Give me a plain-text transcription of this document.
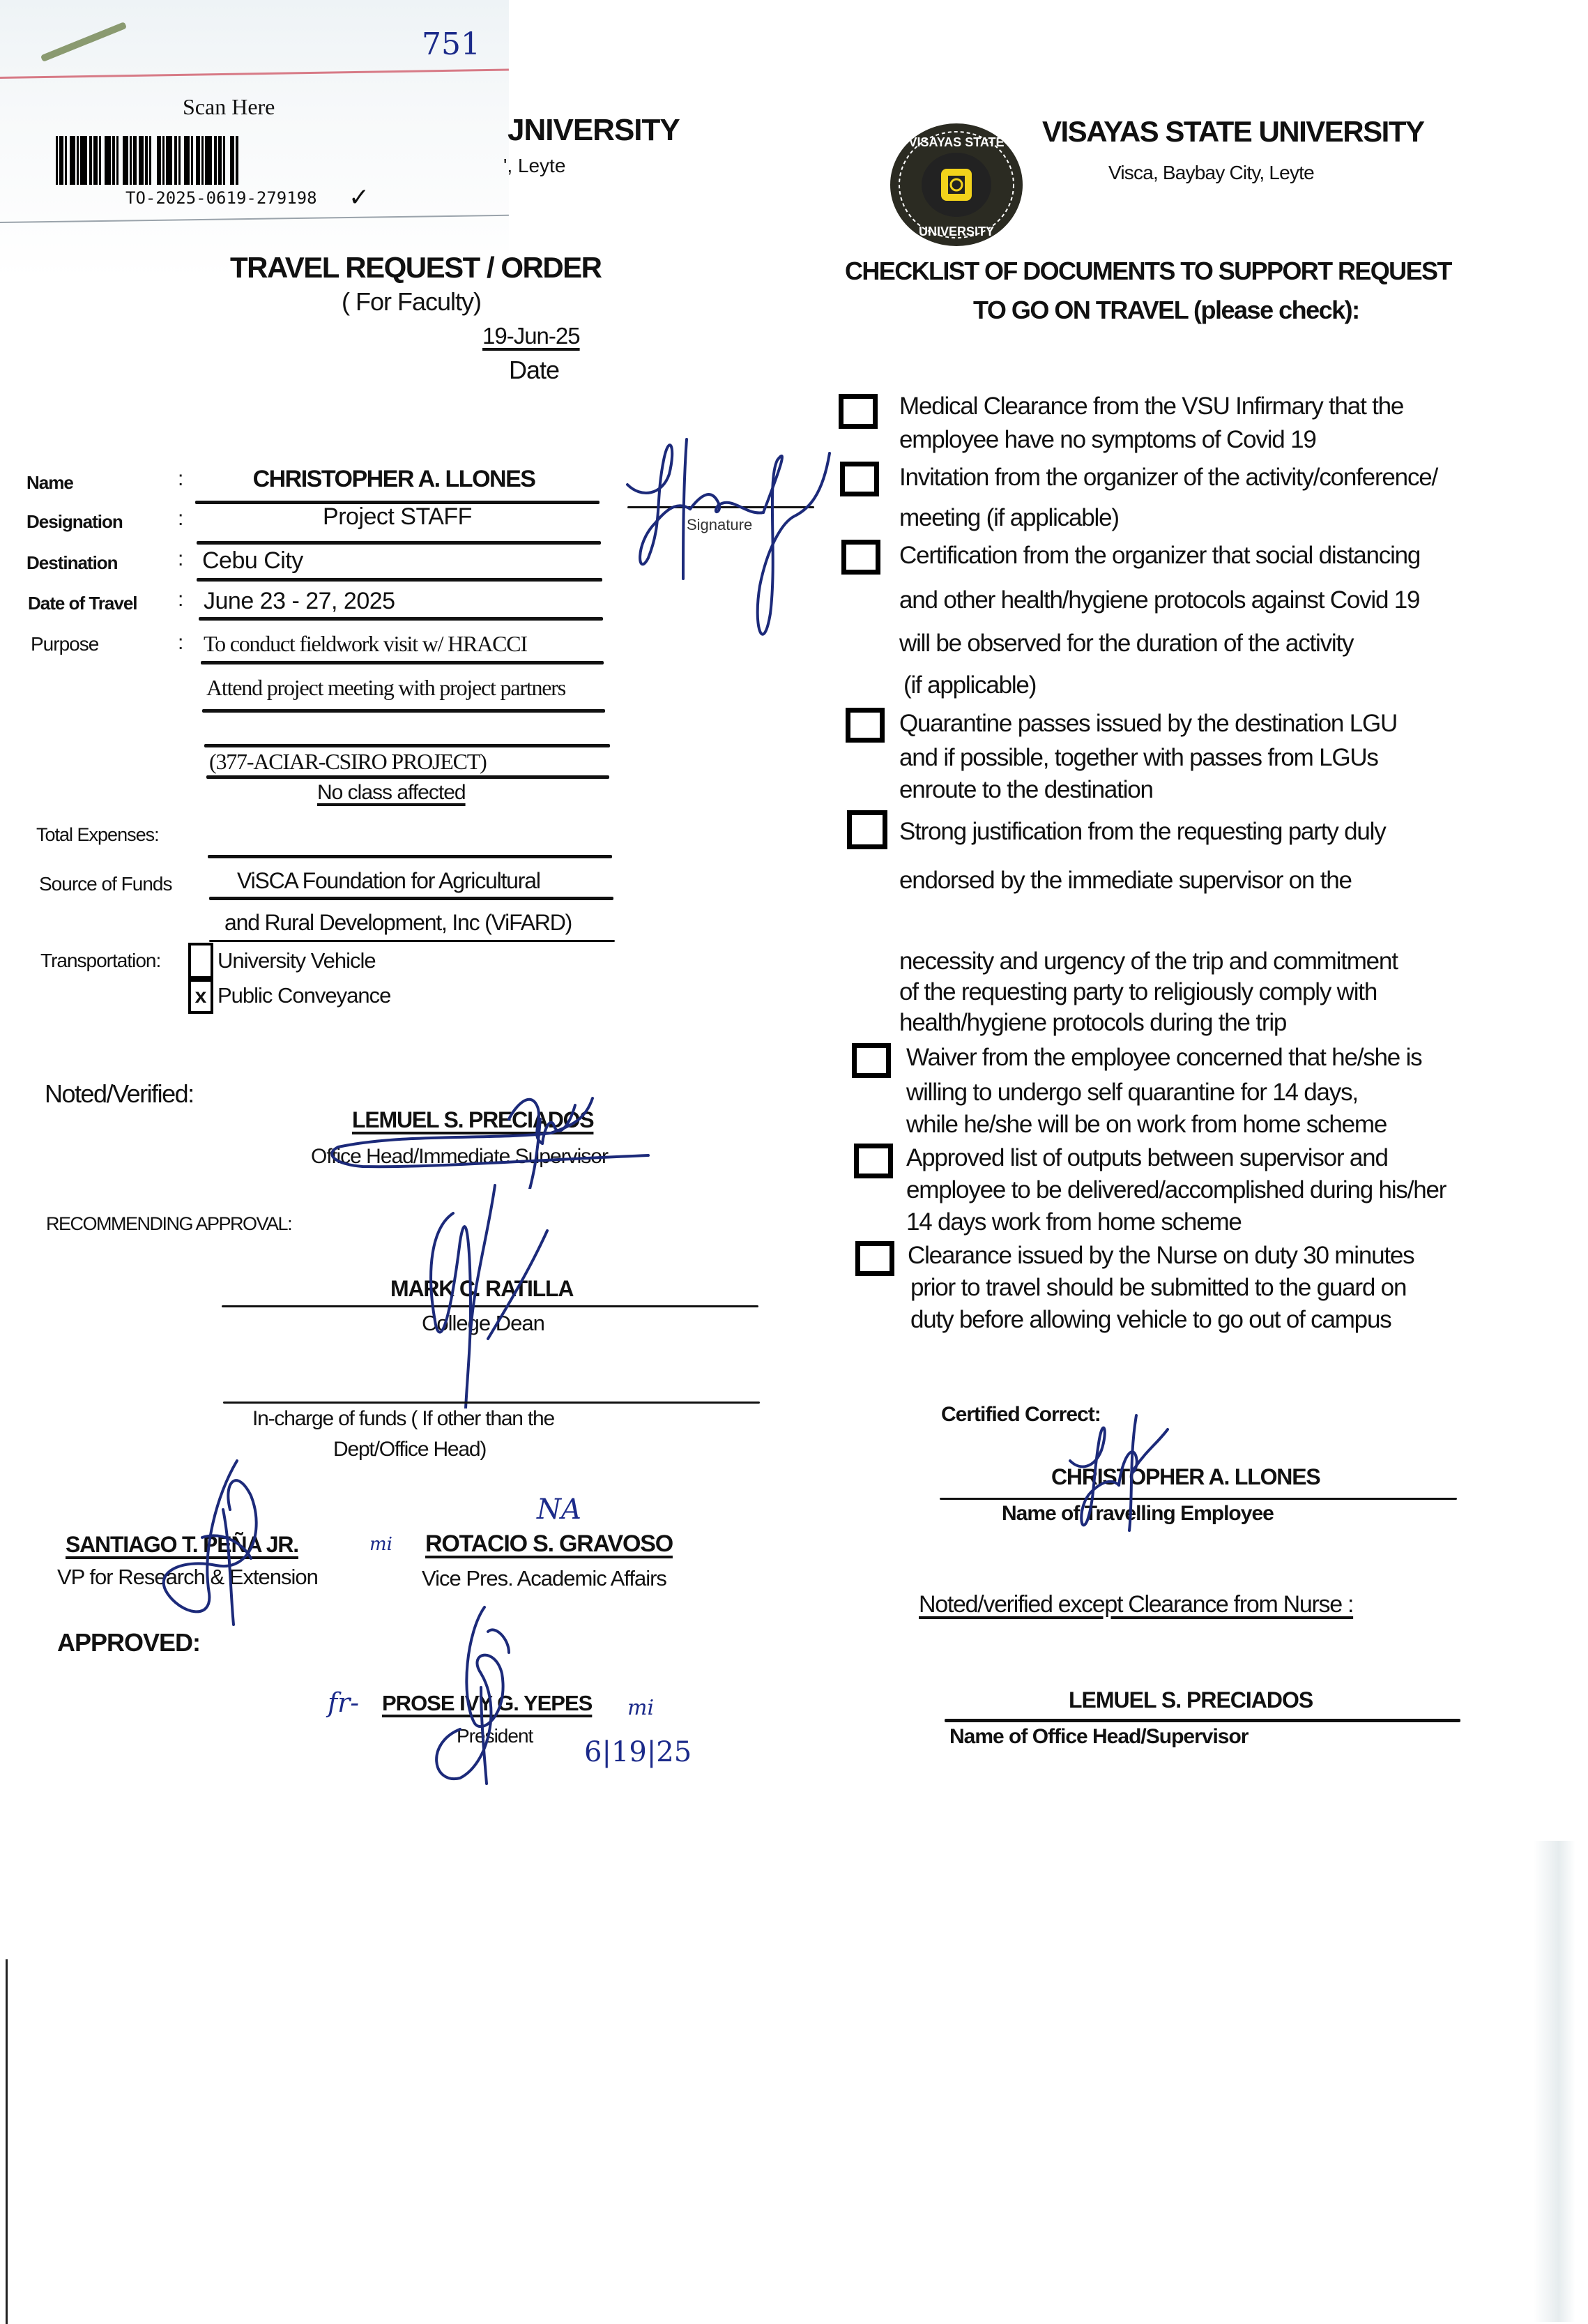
751
Scan Here
TO-2025-0619-279198 ✓
JNIVERSITY
', Leyte
TRAVEL REQUEST / ORDER
( For Faculty)
19-Jun-25
Date
Name	:	CHRISTOPHER A. LLONES
Designation	:	Project STAFF
Destination	: Cebu City
Date of Travel : June 23 - 27, 2025
Purpose	: To conduct fieldwork visit w/ HRACCI
Attend project meeting with project partners
(377-ACIAR-CSIRO PROJECT)
No class affected
Total Expenses:
Source of Funds	ViSCA Foundation for Agricultural
and Rural Development, Inc (ViFARD)
Transportation:	University Vehicle
x Public Conveyance
Signature
Noted/Verified:
LEMUEL S. PRECIADOS
Office Head/Immediate Supervisor
RECOMMENDING APPROVAL:
MARK C. RATILLA
College Dean
In-charge of funds ( If other than the
Dept/Office Head)
SANTIAGO T. PEÑA JR.	mi
VP for Research & Extension
NA
ROTACIO S. GRAVOSO
Vice Pres. Academic Affairs
APPROVED:
fr- PROSE IVY G. YEPES mi
President
6|19|25
VISAYAS STATE
UNIVERSITY
VISAYAS STATE UNIVERSITY
Visca, Baybay City, Leyte
CHECKLIST OF DOCUMENTS TO SUPPORT REQUEST
TO GO ON TRAVEL (please check):
Medical Clearance from the VSU Infirmary that the
employee have no symptoms of Covid 19
Invitation from the organizer of the activity/conference/
meeting (if applicable)
Certification from the organizer that social distancing
and other health/hygiene protocols against Covid 19
will be observed for the duration of the activity
(if applicable)
Quarantine passes issued by the destination LGU
and if possible, together with passes from LGUs
enroute to the destination
Strong justification from the requesting party duly
endorsed by the immediate supervisor on the
necessity and urgency of the trip and commitment
of the requesting party to religiously comply with
health/hygiene protocols during the trip
Waiver from the employee concerned that he/she is
willing to undergo self quarantine for 14 days,
while he/she will be on work from home scheme
Approved list of outputs between supervisor and
employee to be delivered/accomplished during his/her
14 days work from home scheme
Clearance issued by the Nurse on duty 30 minutes
prior to travel should be submitted to the guard on
duty before allowing vehicle to go out of campus
Certified Correct:
CHRISTOPHER A. LLONES
Name of Travelling Employee
Noted/verified except Clearance from Nurse :
LEMUEL S. PRECIADOS
Name of Office Head/Supervisor
